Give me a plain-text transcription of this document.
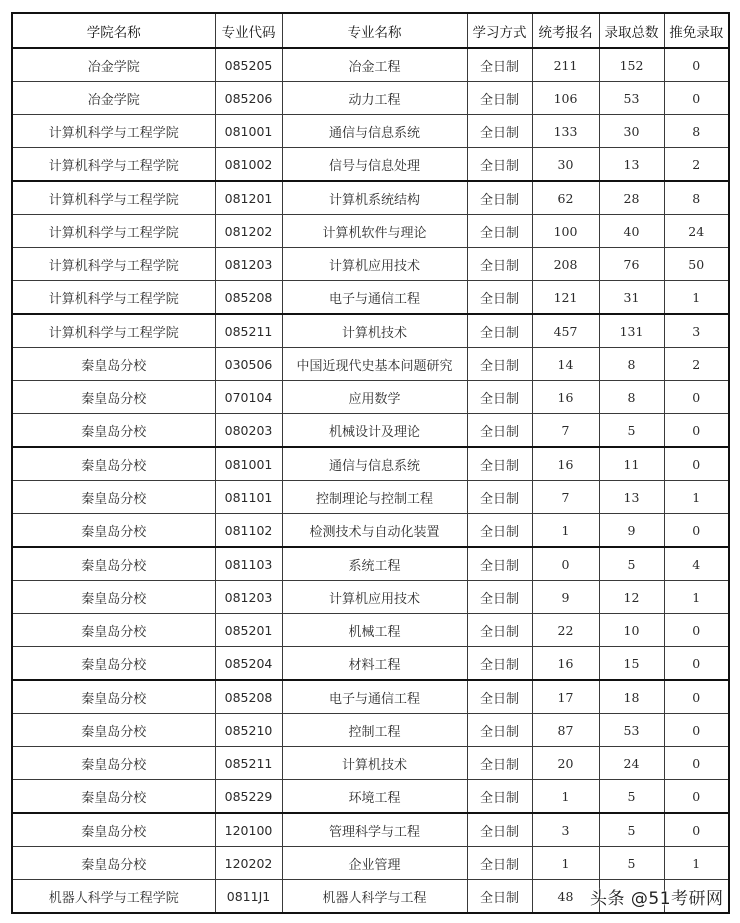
学院名称	专业代码	专业名称	学习方式	统考报名	录取总数	推免录取
冶金学院	085205	冶金工程	全日制	211	152	0
冶金学院	085206	动力工程	全日制	106	53	0
计算机科学与工程学院	081001	通信与信息系统	全日制	133	30	8
计算机科学与工程学院	081002	信号与信息处理	全日制	30	13	2
计算机科学与工程学院	081201	计算机系统结构	全日制	62	28	8
计算机科学与工程学院	081202	计算机软件与理论	全日制	100	40	24
计算机科学与工程学院	081203	计算机应用技术	全日制	208	76	50
计算机科学与工程学院	085208	电子与通信工程	全日制	121	31	1
计算机科学与工程学院	085211	计算机技术	全日制	457	131	3
秦皇岛分校	030506	中国近现代史基本问题研究	全日制	14	8	2
秦皇岛分校	070104	应用数学	全日制	16	8	0
秦皇岛分校	080203	机械设计及理论	全日制	7	5	0
秦皇岛分校	081001	通信与信息系统	全日制	16	11	0
秦皇岛分校	081101	控制理论与控制工程	全日制	7	13	1
秦皇岛分校	081102	检测技术与自动化装置	全日制	1	9	0
秦皇岛分校	081103	系统工程	全日制	0	5	4
秦皇岛分校	081203	计算机应用技术	全日制	9	12	1
秦皇岛分校	085201	机械工程	全日制	22	10	0
秦皇岛分校	085204	材料工程	全日制	16	15	0
秦皇岛分校	085208	电子与通信工程	全日制	17	18	0
秦皇岛分校	085210	控制工程	全日制	87	53	0
秦皇岛分校	085211	计算机技术	全日制	20	24	0
秦皇岛分校	085229	环境工程	全日制	1	5	0
秦皇岛分校	120100	管理科学与工程	全日制	3	5	0
秦皇岛分校	120202	企业管理	全日制	1	5	1
机器人科学与工程学院	0811J1	机器人科学与工程	全日制	48		头条 @51考研网
